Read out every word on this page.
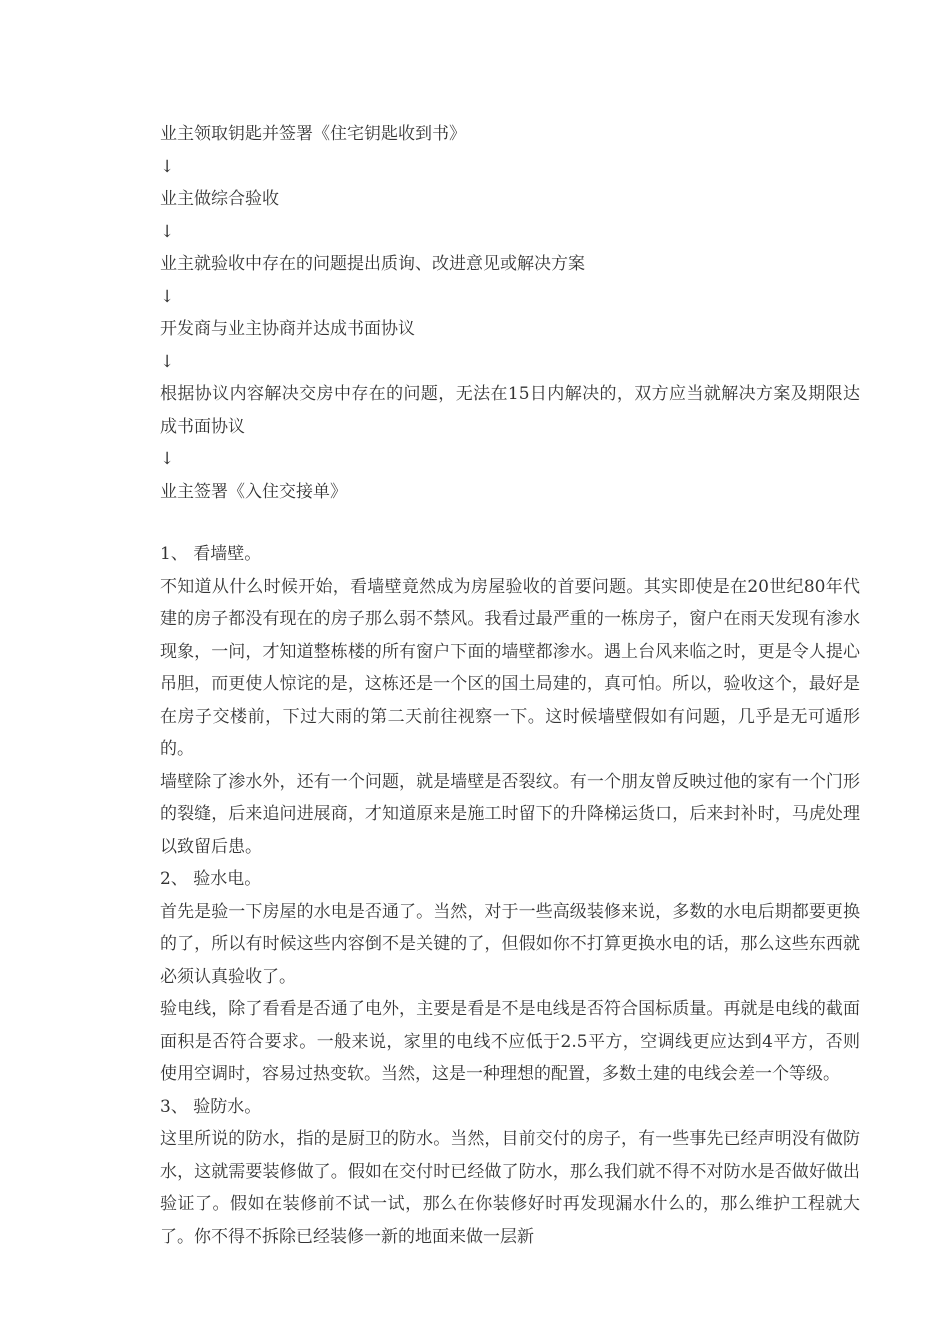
业主领取钥匙并签署《住宅钥匙收到书》
↓
业主做综合验收
↓
业主就验收中存在的问题提出质询、改进意见或解决方案
↓
开发商与业主协商并达成书面协议
↓
根据协议内容解决交房中存在的问题，无法在15日内解决的，双方应当就解决方案及期限达成书面协议
↓
业主签署《入住交接单》

1、 看墙壁。

不知道从什么时候开始，看墙壁竟然成为房屋验收的首要问题。其实即使是在20世纪80年代建的房子都没有现在的房子那么弱不禁风。我看过最严重的一栋房子，窗户在雨天发现有渗水现象，一问，才知道整栋楼的所有窗户下面的墙壁都渗水。遇上台风来临之时，更是令人提心吊胆，而更使人惊诧的是，这栋还是一个区的国土局建的，真可怕。所以，验收这个，最好是在房子交楼前，下过大雨的第二天前往视察一下。这时候墙壁假如有问题，几乎是无可遁形的。

墙壁除了渗水外，还有一个问题，就是墙壁是否裂纹。有一个朋友曾反映过他的家有一个门形的裂缝，后来追问进展商，才知道原来是施工时留下的升降梯运货口，后来封补时，马虎处理以致留后患。

2、 验水电。

首先是验一下房屋的水电是否通了。当然，对于一些高级装修来说，多数的水电后期都要更换的了，所以有时候这些内容倒不是关键的了，但假如你不打算更换水电的话，那么这些东西就必须认真验收了。

验电线，除了看看是否通了电外，主要是看是不是电线是否符合国标质量。再就是电线的截面面积是否符合要求。一般来说，家里的电线不应低于2.5平方，空调线更应达到4平方，否则使用空调时，容易过热变软。当然，这是一种理想的配置，多数土建的电线会差一个等级。

3、 验防水。

这里所说的防水，指的是厨卫的防水。当然，目前交付的房子，有一些事先已经声明没有做防水，这就需要装修做了。假如在交付时已经做了防水，那么我们就不得不对防水是否做好做出验证了。假如在装修前不试一试，那么在你装修好时再发现漏水什么的，那么维护工程就大了。你不得不拆除已经装修一新的地面来做一层新
